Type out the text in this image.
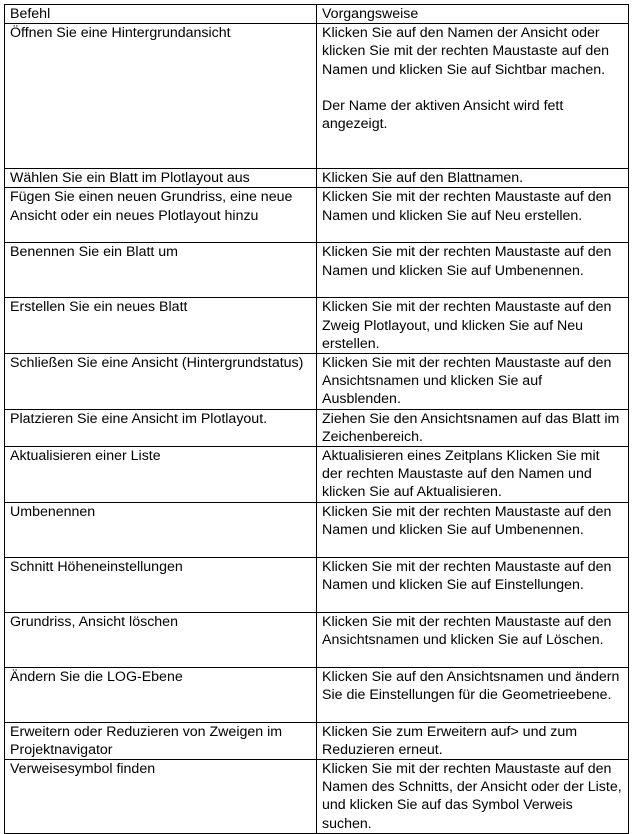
Befehl	Vorgangsweise
Öffnen Sie eine Hintergrundansicht	Klicken Sie auf den Namen der Ansicht oder klicken Sie mit der rechten Maustaste auf den Namen und klicken Sie auf Sichtbar machen.
Der Name der aktiven Ansicht wird fett angezeigt.

Wählen Sie ein Blatt im Plotlayout aus	Klicken Sie auf den Blattnamen.
Fügen Sie einen neuen Grundriss, eine neue Ansicht oder ein neues Plotlayout hinzu	Klicken Sie mit der rechten Maustaste auf den Namen und klicken Sie auf Neu erstellen.
Benennen Sie ein Blatt um	Klicken Sie mit der rechten Maustaste auf den Namen und klicken Sie auf Umbenennen.
Erstellen Sie ein neues Blatt	Klicken Sie mit der rechten Maustaste auf den Zweig Plotlayout, und klicken Sie auf Neu erstellen.
Schließen Sie eine Ansicht (Hintergrundstatus)	Klicken Sie mit der rechten Maustaste auf den Ansichtsnamen und klicken Sie auf Ausblenden.
Platzieren Sie eine Ansicht im Plotlayout.	Ziehen Sie den Ansichtsnamen auf das Blatt im Zeichenbereich.
Aktualisieren einer Liste	Aktualisieren eines Zeitplans Klicken Sie mit der rechten Maustaste auf den Namen und klicken Sie auf Aktualisieren.
Umbenennen	Klicken Sie mit der rechten Maustaste auf den Namen und klicken Sie auf Umbenennen.
Schnitt Höheneinstellungen	Klicken Sie mit der rechten Maustaste auf den Namen und klicken Sie auf Einstellungen.
Grundriss, Ansicht löschen	Klicken Sie mit der rechten Maustaste auf den Ansichtsnamen und klicken Sie auf Löschen.
Ändern Sie die LOG-Ebene	Klicken Sie auf den Ansichtsnamen und ändern Sie die Einstellungen für die Geometrieebene.
Erweitern oder Reduzieren von Zweigen im Projektnavigator	Klicken Sie zum Erweitern auf> und zum Reduzieren erneut.
Verweisesymbol finden	Klicken Sie mit der rechten Maustaste auf den Namen des Schnitts, der Ansicht oder der Liste, und klicken Sie auf das Symbol Verweis suchen.
